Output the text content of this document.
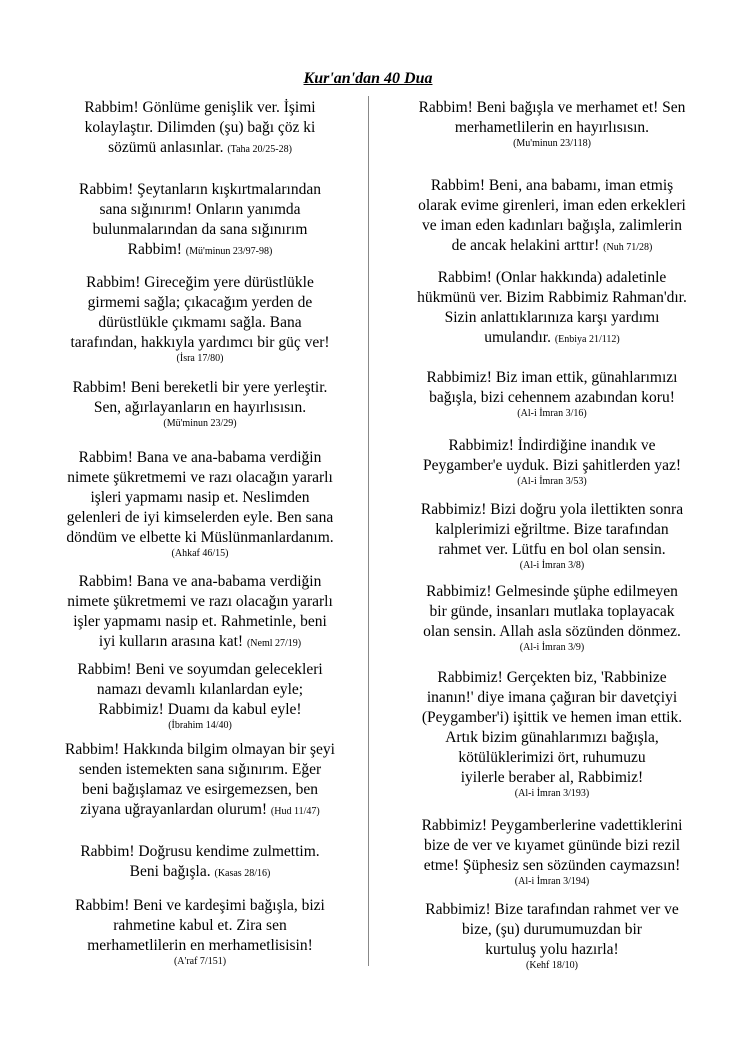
Kur'an'dan 40 Dua
Rabbim! Gönlüme genişlik ver. İşimi
kolaylaştır. Dilimden (şu) bağı çöz ki
sözümü anlasınlar. (Taha 20/25-28)
Rabbim! Şeytanların kışkırtmalarından
sana sığınırım! Onların yanımda
bulunmalarından da sana sığınırım
Rabbim! (Mü'minun 23/97-98)
Rabbim! Gireceğim yere dürüstlükle
girmemi sağla; çıkacağım yerden de
dürüstlükle çıkmamı sağla. Bana
tarafından, hakkıyla yardımcı bir güç ver!
(İsra 17/80)
Rabbim! Beni bereketli bir yere yerleştir.
Sen, ağırlayanların en hayırlısısın.
(Mü'minun 23/29)
Rabbim! Bana ve ana-babama verdiğin
nimete şükretmemi ve razı olacağın yararlı
işleri yapmamı nasip et. Neslimden
gelenleri de iyi kimselerden eyle. Ben sana
döndüm ve elbette ki Müslünmanlardanım.
(Ahkaf 46/15)
Rabbim! Bana ve ana-babama verdiğin
nimete şükretmemi ve razı olacağın yararlı
işler yapmamı nasip et. Rahmetinle, beni
iyi kulların arasına kat! (Neml 27/19)
Rabbim! Beni ve soyumdan gelecekleri
namazı devamlı kılanlardan eyle;
Rabbimiz! Duamı da kabul eyle!
(İbrahim 14/40)
Rabbim! Hakkında bilgim olmayan bir şeyi
senden istemekten sana sığınırım. Eğer
beni bağışlamaz ve esirgemezsen, ben
ziyana uğrayanlardan olurum! (Hud 11/47)
Rabbim! Doğrusu kendime zulmettim.
Beni bağışla. (Kasas 28/16)
Rabbim! Beni ve kardeşimi bağışla, bizi
rahmetine kabul et. Zira sen
merhametlilerin en merhametlisisin!
(A'raf 7/151)
Rabbim! Beni bağışla ve merhamet et! Sen
merhametlilerin en hayırlısısın.
(Mu'minun 23/118)
Rabbim! Beni, ana babamı, iman etmiş
olarak evime girenleri, iman eden erkekleri
ve iman eden kadınları bağışla, zalimlerin
de ancak helakini arttır! (Nuh 71/28)
Rabbim! (Onlar hakkında) adaletinle
hükmünü ver. Bizim Rabbimiz Rahman'dır.
Sizin anlattıklarınıza karşı yardımı
umulandır. (Enbiya 21/112)
Rabbimiz! Biz iman ettik, günahlarımızı
bağışla, bizi cehennem azabından koru!
(Al-i İmran 3/16)
Rabbimiz! İndirdiğine inandık ve
Peygamber'e uyduk. Bizi şahitlerden yaz!
(Al-i İmran 3/53)
Rabbimiz! Bizi doğru yola ilettikten sonra
kalplerimizi eğriltme. Bize tarafından
rahmet ver. Lütfu en bol olan sensin.
(Al-i İmran 3/8)
Rabbimiz! Gelmesinde şüphe edilmeyen
bir günde, insanları mutlaka toplayacak
olan sensin. Allah asla sözünden dönmez.
(Al-i İmran 3/9)
Rabbimiz! Gerçekten biz, 'Rabbinize
inanın!' diye imana çağıran bir davetçiyi
(Peygamber'i) işittik ve hemen iman ettik.
Artık bizim günahlarımızı bağışla,
kötülüklerimizi ört, ruhumuzu
iyilerle beraber al, Rabbimiz!
(Al-i İmran 3/193)
Rabbimiz! Peygamberlerine vadettiklerini
bize de ver ve kıyamet gününde bizi rezil
etme! Şüphesiz sen sözünden caymazsın!
(Al-i İmran 3/194)
Rabbimiz! Bize tarafından rahmet ver ve
bize, (şu) durumumuzdan bir
kurtuluş yolu hazırla!
(Kehf 18/10)
